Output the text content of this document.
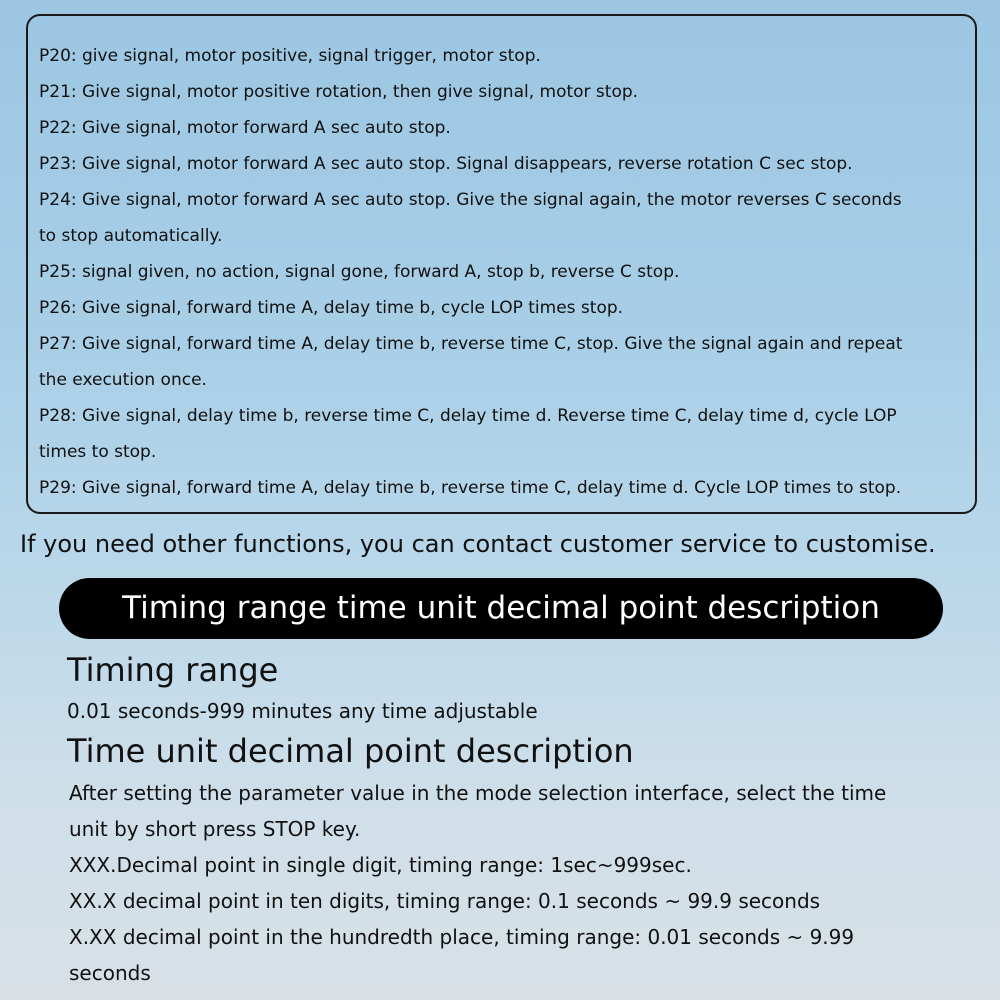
P20: give signal, motor positive, signal trigger, motor stop.
P21: Give signal, motor positive rotation, then give signal, motor stop.
P22: Give signal, motor forward A sec auto stop.
P23: Give signal, motor forward A sec auto stop. Signal disappears, reverse rotation C sec stop.
P24: Give signal, motor forward A sec auto stop. Give the signal again, the motor reverses C seconds
to stop automatically.
P25: signal given, no action, signal gone, forward A, stop b, reverse C stop.
P26: Give signal, forward time A, delay time b, cycle LOP times stop.
P27: Give signal, forward time A, delay time b, reverse time C, stop. Give the signal again and repeat
the execution once.
P28: Give signal, delay time b, reverse time C, delay time d. Reverse time C, delay time d, cycle LOP
times to stop.
P29: Give signal, forward time A, delay time b, reverse time C, delay time d. Cycle LOP times to stop.
If you need other functions, you can contact customer service to customise.
Timing range time unit decimal point description
Timing range
0.01 seconds-999 minutes any time adjustable
Time unit decimal point description
After setting the parameter value in the mode selection interface, select the time
unit by short press STOP key.
XXX.Decimal point in single digit, timing range: 1sec~999sec.
XX.X decimal point in ten digits, timing range: 0.1 seconds ~ 99.9 seconds
X.XX decimal point in the hundredth place, timing range: 0.01 seconds ~ 9.99
seconds
